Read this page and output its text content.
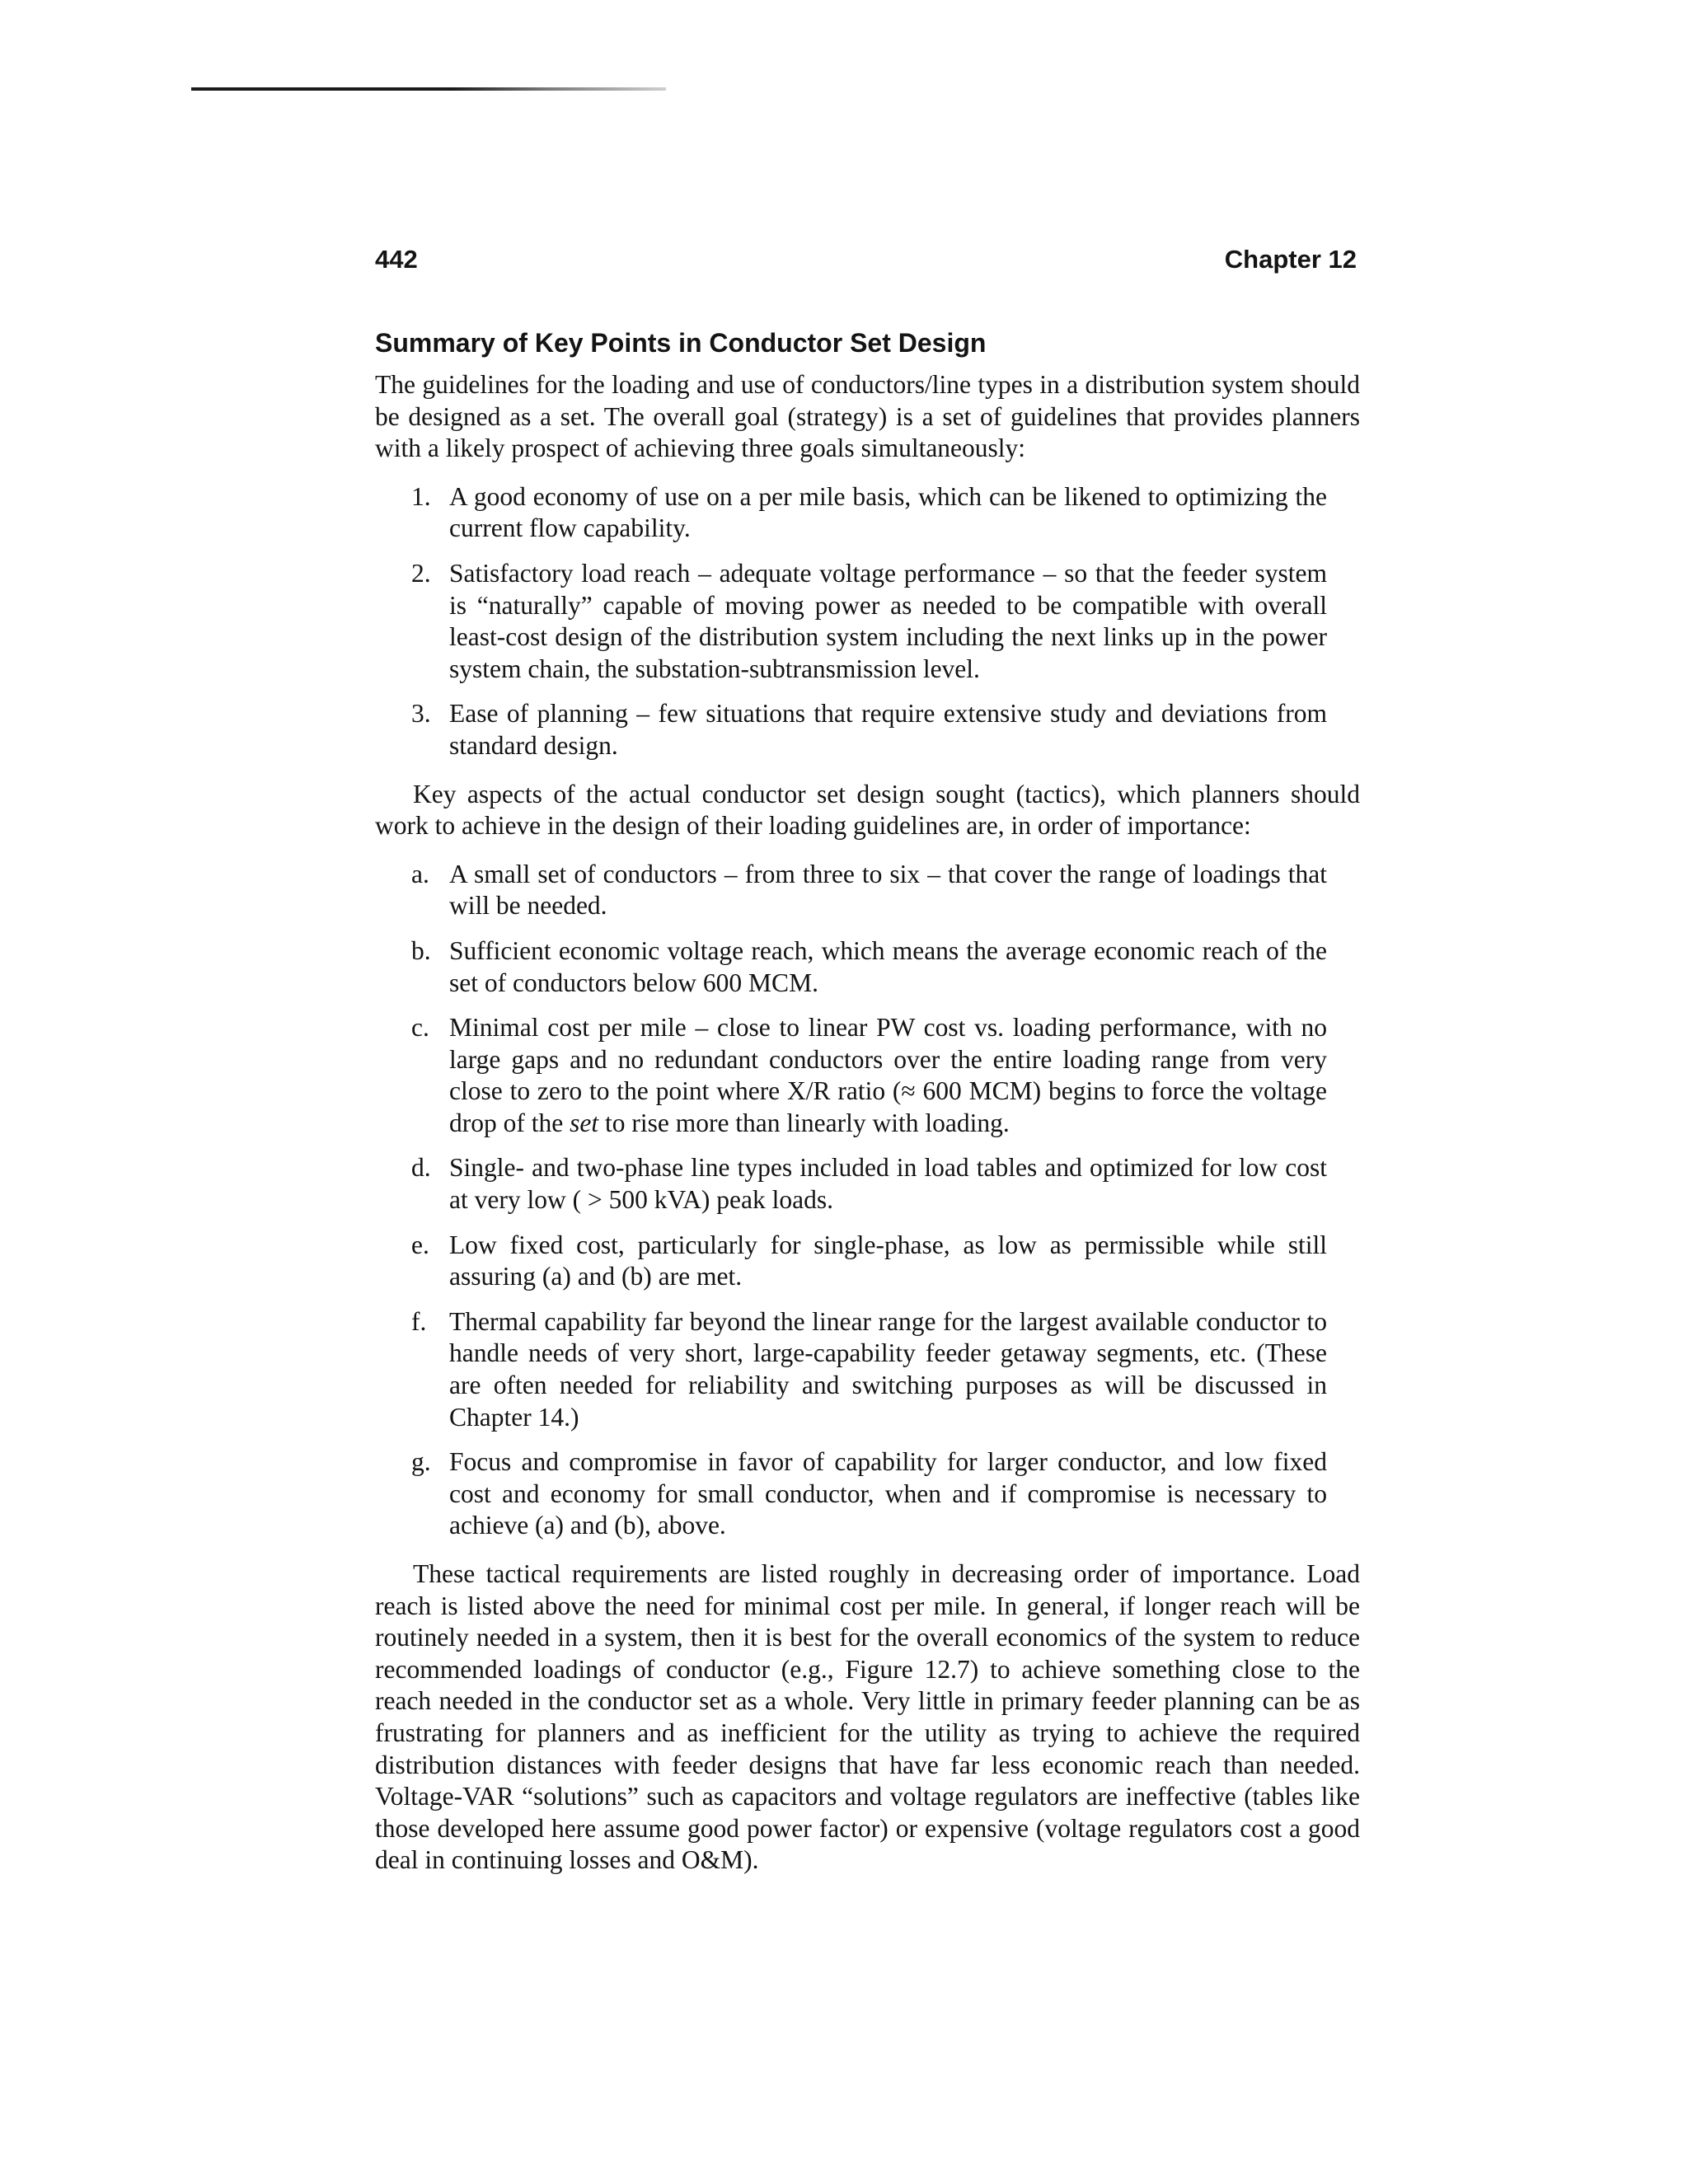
442	Chapter 12
Summary of Key Points in Conductor Set Design

The guidelines for the loading and use of conductors/line types in a distribution system should be designed as a set. The overall goal (strategy) is a set of guidelines that provides planners with a likely prospect of achieving three goals simultaneously:

1. A good economy of use on a per mile basis, which can be likened to optimizing the current flow capability.
2. Satisfactory load reach – adequate voltage performance – so that the feeder system is “naturally” capable of moving power as needed to be compatible with overall least-cost design of the distribution system including the next links up in the power system chain, the substation-subtransmission level.
3. Ease of planning – few situations that require extensive study and deviations from standard design.

Key aspects of the actual conductor set design sought (tactics), which planners should work to achieve in the design of their loading guidelines are, in order of importance:

a. A small set of conductors – from three to six – that cover the range of loadings that will be needed.
b. Sufficient economic voltage reach, which means the average economic reach of the set of conductors below 600 MCM.
c. Minimal cost per mile – close to linear PW cost vs. loading performance, with no large gaps and no redundant conductors over the entire loading range from very close to zero to the point where X/R ratio (≈ 600 MCM) begins to force the voltage drop of the set to rise more than linearly with loading.
d. Single- and two-phase line types included in load tables and optimized for low cost at very low ( > 500 kVA) peak loads.
e. Low fixed cost, particularly for single-phase, as low as permissible while still assuring (a) and (b) are met.
f. Thermal capability far beyond the linear range for the largest available conductor to handle needs of very short, large-capability feeder getaway segments, etc. (These are often needed for reliability and switching purposes as will be discussed in Chapter 14.)
g. Focus and compromise in favor of capability for larger conductor, and low fixed cost and economy for small conductor, when and if compromise is necessary to achieve (a) and (b), above.

These tactical requirements are listed roughly in decreasing order of importance. Load reach is listed above the need for minimal cost per mile. In general, if longer reach will be routinely needed in a system, then it is best for the overall economics of the system to reduce recommended loadings of conductor (e.g., Figure 12.7) to achieve something close to the reach needed in the conductor set as a whole. Very little in primary feeder planning can be as frustrating for planners and as inefficient for the utility as trying to achieve the required distribution distances with feeder designs that have far less economic reach than needed. Voltage-VAR “solutions” such as capacitors and voltage regulators are ineffective (tables like those developed here assume good power factor) or expensive (voltage regulators cost a good deal in continuing losses and O&M).
